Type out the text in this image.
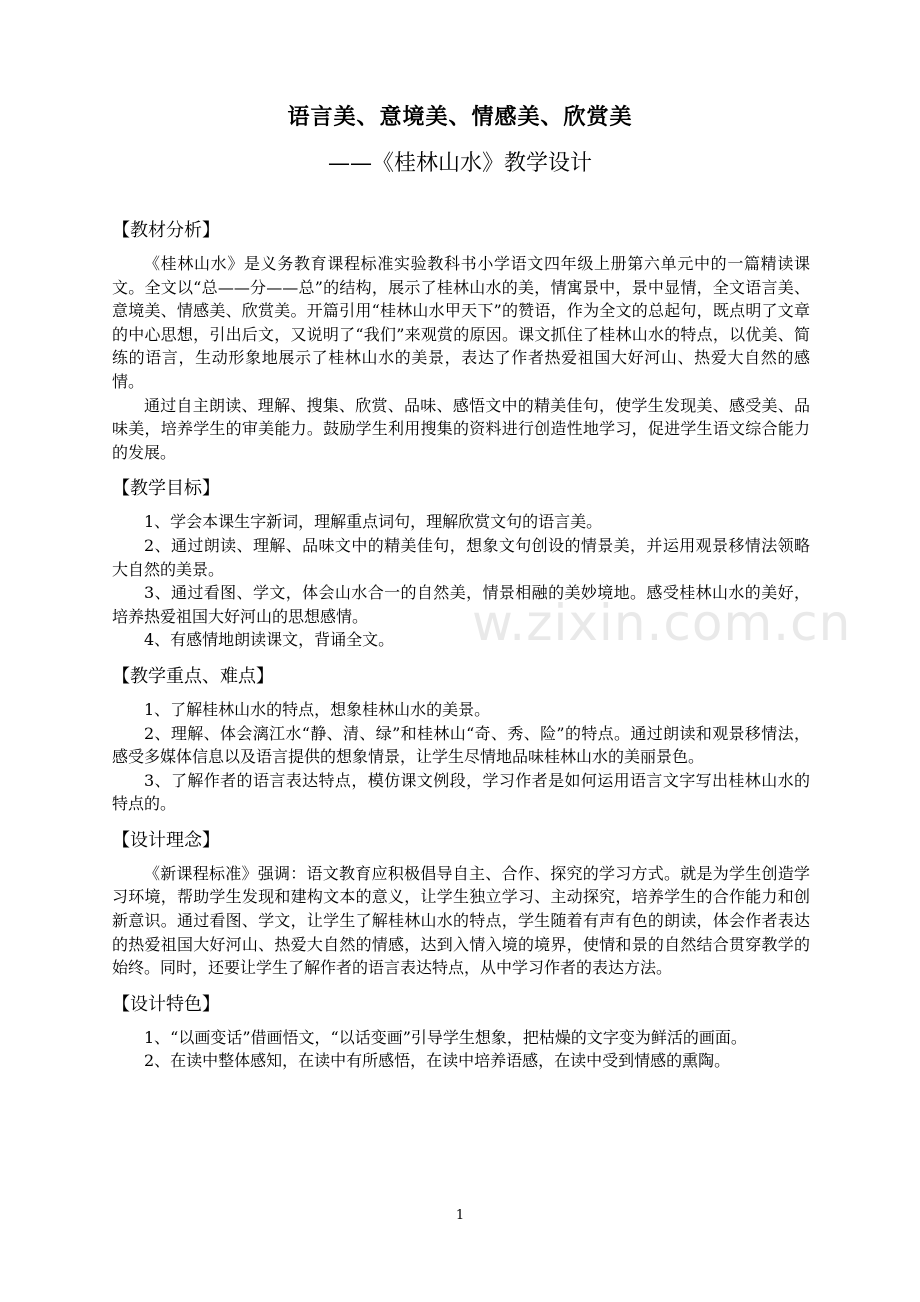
语言美、意境美、情感美、欣赏美
——《桂林山水》教学设计
w.zixin.com.cn
【教材分析】

《桂林山水》是义务教育课程标准实验教科书小学语文四年级上册第六单元中的一篇精读课文。全文以“总——分——总”的结构，展示了桂林山水的美，情寓景中，景中显情，全文语言美、意境美、情感美、欣赏美。开篇引用“桂林山水甲天下”的赞语，作为全文的总起句，既点明了文章的中心思想，引出后文，又说明了“我们”来观赏的原因。课文抓住了桂林山水的特点，以优美、简练的语言，生动形象地展示了桂林山水的美景，表达了作者热爱祖国大好河山、热爱大自然的感情。

通过自主朗读、理解、搜集、欣赏、品味、感悟文中的精美佳句，使学生发现美、感受美、品味美，培养学生的审美能力。鼓励学生利用搜集的资料进行创造性地学习，促进学生语文综合能力的发展。

【教学目标】

1、学会本课生字新词，理解重点词句，理解欣赏文句的语言美。

2、通过朗读、理解、品味文中的精美佳句，想象文句创设的情景美，并运用观景移情法领略大自然的美景。

3、通过看图、学文，体会山水合一的自然美，情景相融的美妙境地。感受桂林山水的美好，培养热爱祖国大好河山的思想感情。

4、有感情地朗读课文，背诵全文。

【教学重点、难点】

1、了解桂林山水的特点，想象桂林山水的美景。

2、理解、体会漓江水“静、清、绿”和桂林山“奇、秀、险”的特点。通过朗读和观景移情法，感受多媒体信息以及语言提供的想象情景，让学生尽情地品味桂林山水的美丽景色。

3、了解作者的语言表达特点，模仿课文例段，学习作者是如何运用语言文字写出桂林山水的特点的。

【设计理念】

《新课程标准》强调：语文教育应积极倡导自主、合作、探究的学习方式。就是为学生创造学习环境，帮助学生发现和建构文本的意义，让学生独立学习、主动探究，培养学生的合作能力和创新意识。通过看图、学文，让学生了解桂林山水的特点，学生随着有声有色的朗读，体会作者表达的热爱祖国大好河山、热爱大自然的情感，达到入情入境的境界，使情和景的自然结合贯穿教学的始终。同时，还要让学生了解作者的语言表达特点，从中学习作者的表达方法。

【设计特色】

1、“以画变话”借画悟文，“以话变画”引导学生想象，把枯燥的文字变为鲜活的画面。

2、在读中整体感知，在读中有所感悟，在读中培养语感，在读中受到情感的熏陶。

1
